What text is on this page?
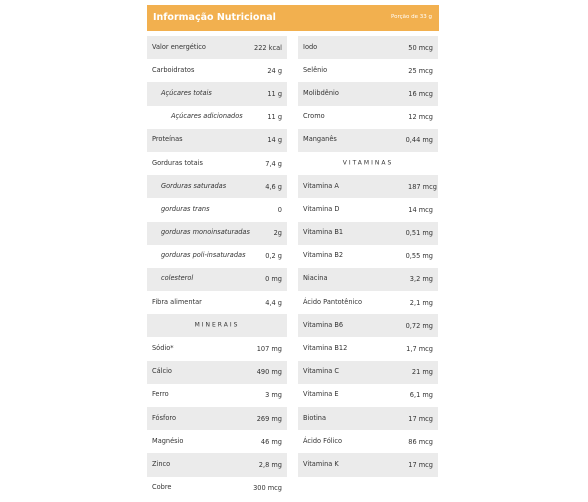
Informação Nutricional	Porção de 33 g
Valor energético	222 kcal
Carboidratos	24 g
Açúcares totais	11 g
Açúcares adicionados	11 g
Proteínas	14 g
Gorduras totais	7,4 g
Gorduras saturadas	4,6 g
gorduras trans	0
gorduras monoinsaturadas	2g
gorduras poli-insaturadas	0,2 g
colesterol	0 mg
Fibra alimentar	4,4 g
MINERAIS
Sódio*	107 mg
Cálcio	490 mg
Ferro	3 mg
Fósforo	269 mg
Magnésio	46 mg
Zinco	2,8 mg
Cobre	300 mcg
Iodo	50 mcg
Selênio	25 mcg
Molibdênio	16 mcg
Cromo	12 mcg
Manganês	0,44 mg
VITAMINAS
Vitamina A	187 mcg
Vitamina D	14 mcg
Vitamina B1	0,51 mg
Vitamina B2	0,55 mg
Niacina	3,2 mg
Ácido Pantotênico	2,1 mg
Vitamina B6	0,72 mg
Vitamina B12	1,7 mcg
Vitamina C	21 mg
Vitamina E	6,1 mg
Biotina	17 mcg
Ácido Fólico	86 mcg
Vitamina K	17 mcg
